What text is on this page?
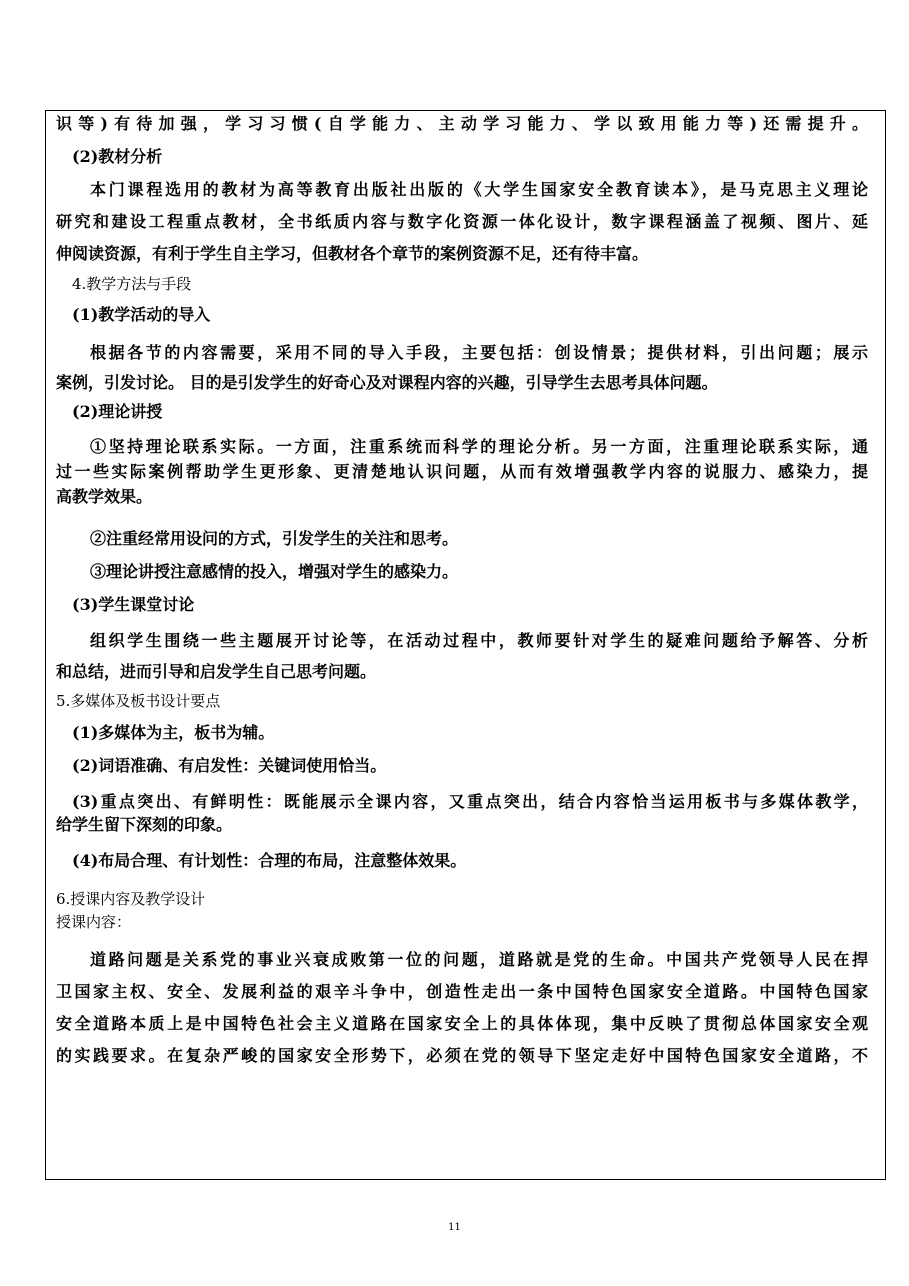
识等)有待加强，学习习惯(自学能力、主动学习能力、学以致用能力等)还需提升。
(2)教材分析
本门课程选用的教材为高等教育出版社出版的《大学生国家安全教育读本》，是马克思主义理论
研究和建设工程重点教材，全书纸质内容与数字化资源一体化设计，数字课程涵盖了视频、图片、延
伸阅读资源，有利于学生自主学习，但教材各个章节的案例资源不足，还有待丰富。
4.教学方法与手段
(1)教学活动的导入
根据各节的内容需要，采用不同的导入手段，主要包括：创设情景；提供材料，引出问题；展示
案例，引发讨论。 目的是引发学生的好奇心及对课程内容的兴趣，引导学生去思考具体问题。
(2)理论讲授
①坚持理论联系实际。一方面，注重系统而科学的理论分析。另一方面，注重理论联系实际，通
过一些实际案例帮助学生更形象、更清楚地认识问题，从而有效增强教学内容的说服力、感染力，提
高教学效果。
②注重经常用设问的方式，引发学生的关注和思考。
③理论讲授注意感情的投入，增强对学生的感染力。
(3)学生课堂讨论
组织学生围绕一些主题展开讨论等，在活动过程中，教师要针对学生的疑难问题给予解答、分析
和总结，进而引导和启发学生自己思考问题。
5.多媒体及板书设计要点
(1)多媒体为主，板书为辅。
(2)词语准确、有启发性：关键词使用恰当。
(3)重点突出、有鲜明性：既能展示全课内容，又重点突出，结合内容恰当运用板书与多媒体教学，
给学生留下深刻的印象。
(4)布局合理、有计划性：合理的布局，注意整体效果。
6.授课内容及教学设计
授课内容：
道路问题是关系党的事业兴衰成败第一位的问题，道路就是党的生命。中国共产党领导人民在捍
卫国家主权、安全、发展利益的艰辛斗争中，创造性走出一条中国特色国家安全道路。中国特色国家
安全道路本质上是中国特色社会主义道路在国家安全上的具体体现，集中反映了贯彻总体国家安全观
的实践要求。在复杂严峻的国家安全形势下，必须在党的领导下坚定走好中国特色国家安全道路，不
11
